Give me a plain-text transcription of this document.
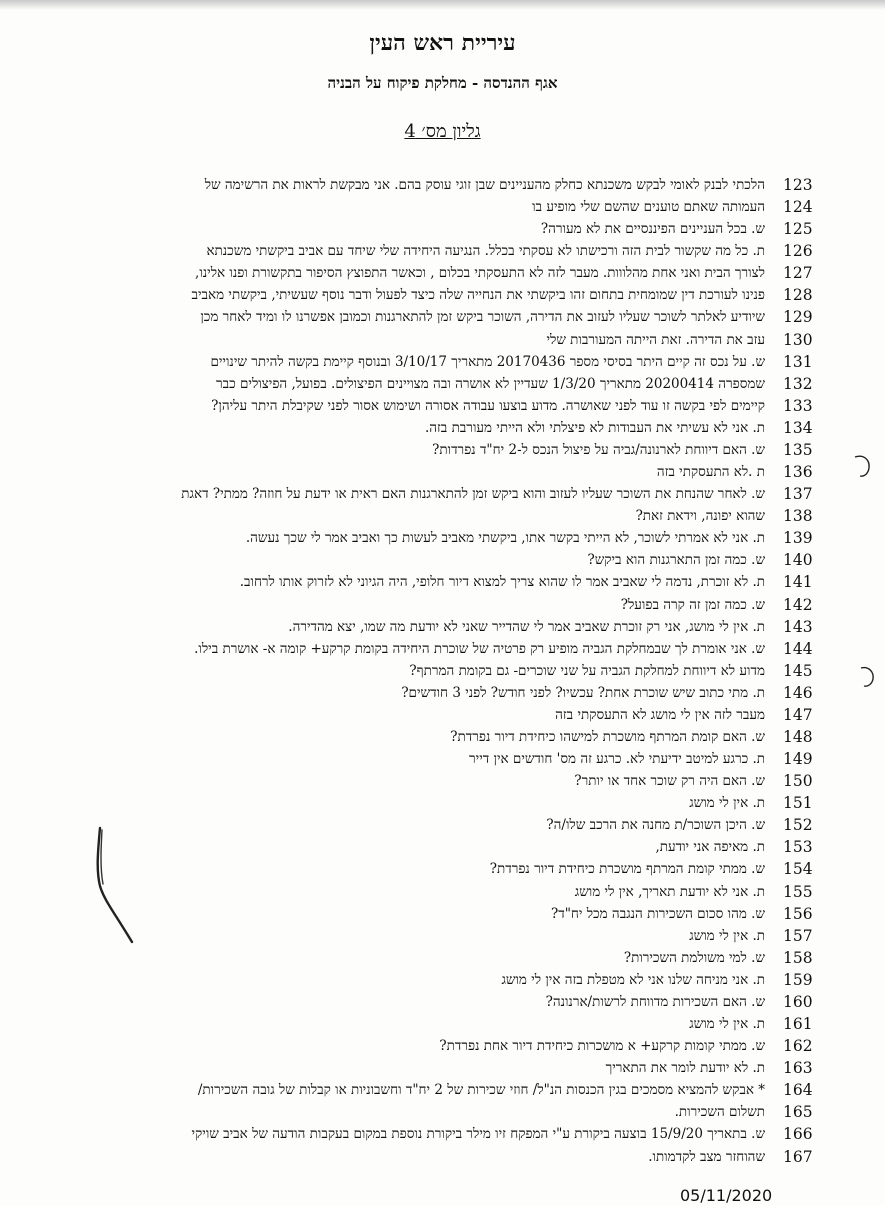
עיריית ראש העין
אגף ההנדסה - מחלקת פיקוח על הבניה
גליון מס׳ 4
123
הלכתי לבנק לאומי לבקש משכנתא כחלק מהעניינים שבן זוגי עוסק בהם. אני מבקשת לראות את הרשימה של
124
העמותה שאתם טוענים שהשם שלי מופיע בו
125
ש. בכל העניינים הפיננסיים את לא מעורה?
126
ת. כל מה שקשור לבית הזה ורכישתו לא עסקתי בכלל. הנגיעה היחידה שלי שיחד עם אביב ביקשתי משכנתא
127
לצורך הבית ואני אחת מהלווות. מעבר לזה לא התעסקתי בכלום , וכאשר התפוצץ הסיפור בתקשורת ופנו אלינו,
128
פנינו לעורכת דין שמומחית בתחום זהו ביקשתי את הנחייה שלה כיצד לפעול ודבר נוסף שעשיתי, ביקשתי מאביב
129
שיודיע לאלתר לשוכר שעליו לעזוב את הדירה, השוכר ביקש זמן להתארגנות וכמובן אפשרנו לו ומיד לאחר מכן
130
עזב את הדירה. זאת הייתה המעורבות שלי
131
ש. על נכס זה קיים היתר בסיסי מספר 20170436 מתאריך 3/10/17 ובנוסף קיימת בקשה להיתר שינויים
132
שמספרה 20200414 מתאריך 1/3/20 שעדיין לא אושרה ובה מצויינים הפיצולים. בפועל, הפיצולים כבר
133
קיימים לפי בקשה זו עוד לפני שאושרה. מדוע בוצעו עבודה אסורה ושימוש אסור לפני שקיבלת היתר עליהן?
134
ת. אני לא עשיתי את העבודות לא פיצלתי ולא הייתי מעורבת בזה.
135
ש. האם דיווחת לארנונה/גביה על פיצול הנכס ל-2 יח"ד נפרדות?
136
ת .לא התעסקתי בזה
137
ש. לאחר שהנחת את השוכר שעליו לעזוב והוא ביקש זמן להתארגנות האם ראית או ידעת על חוזה? ממתי? דאגת
138
שהוא יפונה, וידאת זאת?
139
ת. אני לא אמרתי לשוכר, לא הייתי בקשר אתו, ביקשתי מאביב לעשות כך ואביב אמר לי שכך נעשה.
140
ש. כמה זמן התארגנות הוא ביקש?
141
ת. לא זוכרת, נדמה לי שאביב אמר לו שהוא צריך למצוא דיור חלופי, היה הגיוני לא לזרוק אותו לרחוב.
142
ש. כמה זמן זה קרה בפועל?
143
ת. אין לי מושג, אני רק זוכרת שאביב אמר לי שהדייר שאני לא יודעת מה שמו, יצא מהדירה.
144
ש. אני אומרת לך שבמחלקת הגביה מופיע רק פרטיה של שוכרת היחידה בקומת קרקע+ קומה א- אושרת בילו.
145
מדוע לא דיווחת למחלקת הגביה על שני שוכרים- גם בקומת המרתף?
146
ת. מתי כתוב שיש שוכרת אחת? עכשיו? לפני חודש? לפני 3 חודשים?
147
מעבר לזה אין לי מושג לא התעסקתי בזה
148
ש. האם קומת המרתף מושכרת למישהו כיחידת דיור נפרדת?
149
ת. כרגע למיטב ידיעתי לא. כרגע זה מס' חודשים אין דייר
150
ש. האם היה רק שוכר אחד או יותר?
151
ת. אין לי מושג
152
ש. היכן השוכר/ת מחנה את הרכב שלו/ה?
153
ת. מאיפה אני יודעת,
154
ש. ממתי קומת המרתף מושכרת כיחידת דיור נפרדת?
155
ת. אני לא יודעת תאריך, אין לי מושג
156
ש. מהו סכום השכירות הנגבה מכל יח"ד?
157
ת. אין לי מושג
158
ש. למי משולמת השכירות?
159
ת. אני מניחה שלנו אני לא מטפלת בזה אין לי מושג
160
ש. האם השכירות מדווחת לרשות/ארנונה?
161
ת. אין לי מושג
162
ש. ממתי קומות קרקע+ א מושכרות כיחידת דיור אחת נפרדת?
163
ת. לא יודעת לומר את התאריך
164
* אבקש להמציא מסמכים בגין הכנסות הנ"ל/ חוזי שכירות של 2 יח"ד וחשבוניות או קבלות של גובה השכירות/
165
תשלום השכירות.
166
ש. בתאריך 15/9/20 בוצעה ביקורת ע"י המפקח זיו מילר ביקורת נוספת במקום בעקבות הודעה של אביב שויקי
167
שהוחזר מצב לקדמותו.
05/11/2020
